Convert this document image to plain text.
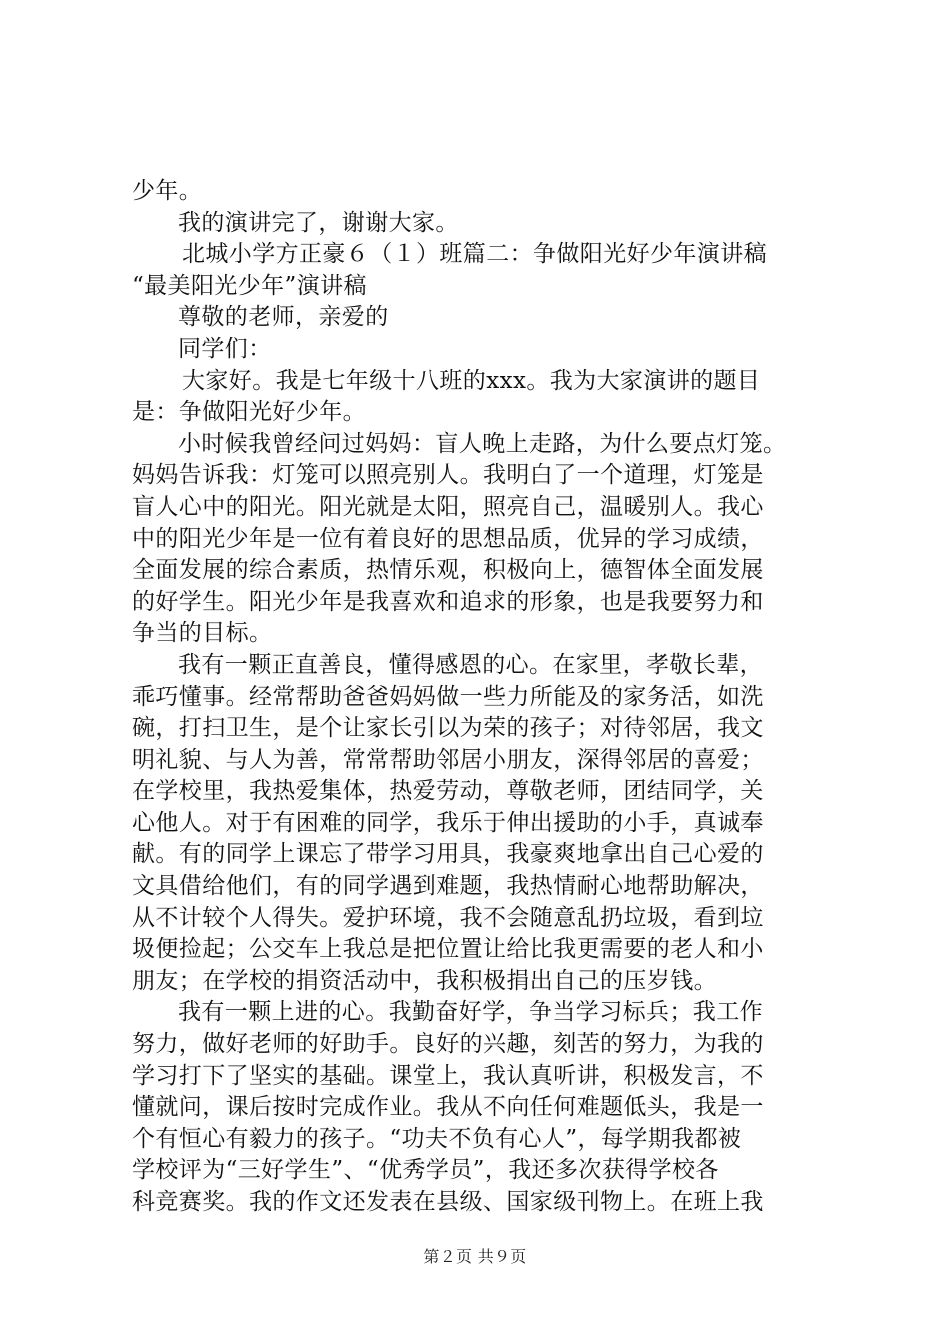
少年。
我的演讲完了，谢谢大家。
北城小学方正豪６（１）班篇二：争做阳光好少年演讲稿
“最美阳光少年”演讲稿
尊敬的老师，亲爱的
同学们：
大家好。我是七年级十八班的xxx。我为大家演讲的题目
是：争做阳光好少年。
小时候我曾经问过妈妈：盲人晚上走路，为什么要点灯笼。
妈妈告诉我：灯笼可以照亮别人。我明白了一个道理，灯笼是
盲人心中的阳光。阳光就是太阳，照亮自己，温暖别人。我心
中的阳光少年是一位有着良好的思想品质，优异的学习成绩，
全面发展的综合素质，热情乐观，积极向上，德智体全面发展
的好学生。阳光少年是我喜欢和追求的形象，也是我要努力和
争当的目标。
我有一颗正直善良，懂得感恩的心。在家里，孝敬长辈，
乖巧懂事。经常帮助爸爸妈妈做一些力所能及的家务活，如洗
碗，打扫卫生，是个让家长引以为荣的孩子；对待邻居，我文
明礼貌、与人为善，常常帮助邻居小朋友，深得邻居的喜爱；
在学校里，我热爱集体，热爱劳动，尊敬老师，团结同学，关
心他人。对于有困难的同学，我乐于伸出援助的小手，真诚奉
献。有的同学上课忘了带学习用具，我豪爽地拿出自己心爱的
文具借给他们，有的同学遇到难题，我热情耐心地帮助解决，
从不计较个人得失。爱护环境，我不会随意乱扔垃圾，看到垃
圾便捡起；公交车上我总是把位置让给比我更需要的老人和小
朋友；在学校的捐资活动中，我积极捐出自己的压岁钱。
我有一颗上进的心。我勤奋好学，争当学习标兵；我工作
努力，做好老师的好助手。良好的兴趣，刻苦的努力，为我的
学习打下了坚实的基础。课堂上，我认真听讲，积极发言，不
懂就问，课后按时完成作业。我从不向任何难题低头，我是一
个有恒心有毅力的孩子。“功夫不负有心人”，每学期我都被
学校评为“三好学生”、“优秀学员”，我还多次获得学校各
科竞赛奖。我的作文还发表在县级、国家级刊物上。在班上我
第２页 共９页
